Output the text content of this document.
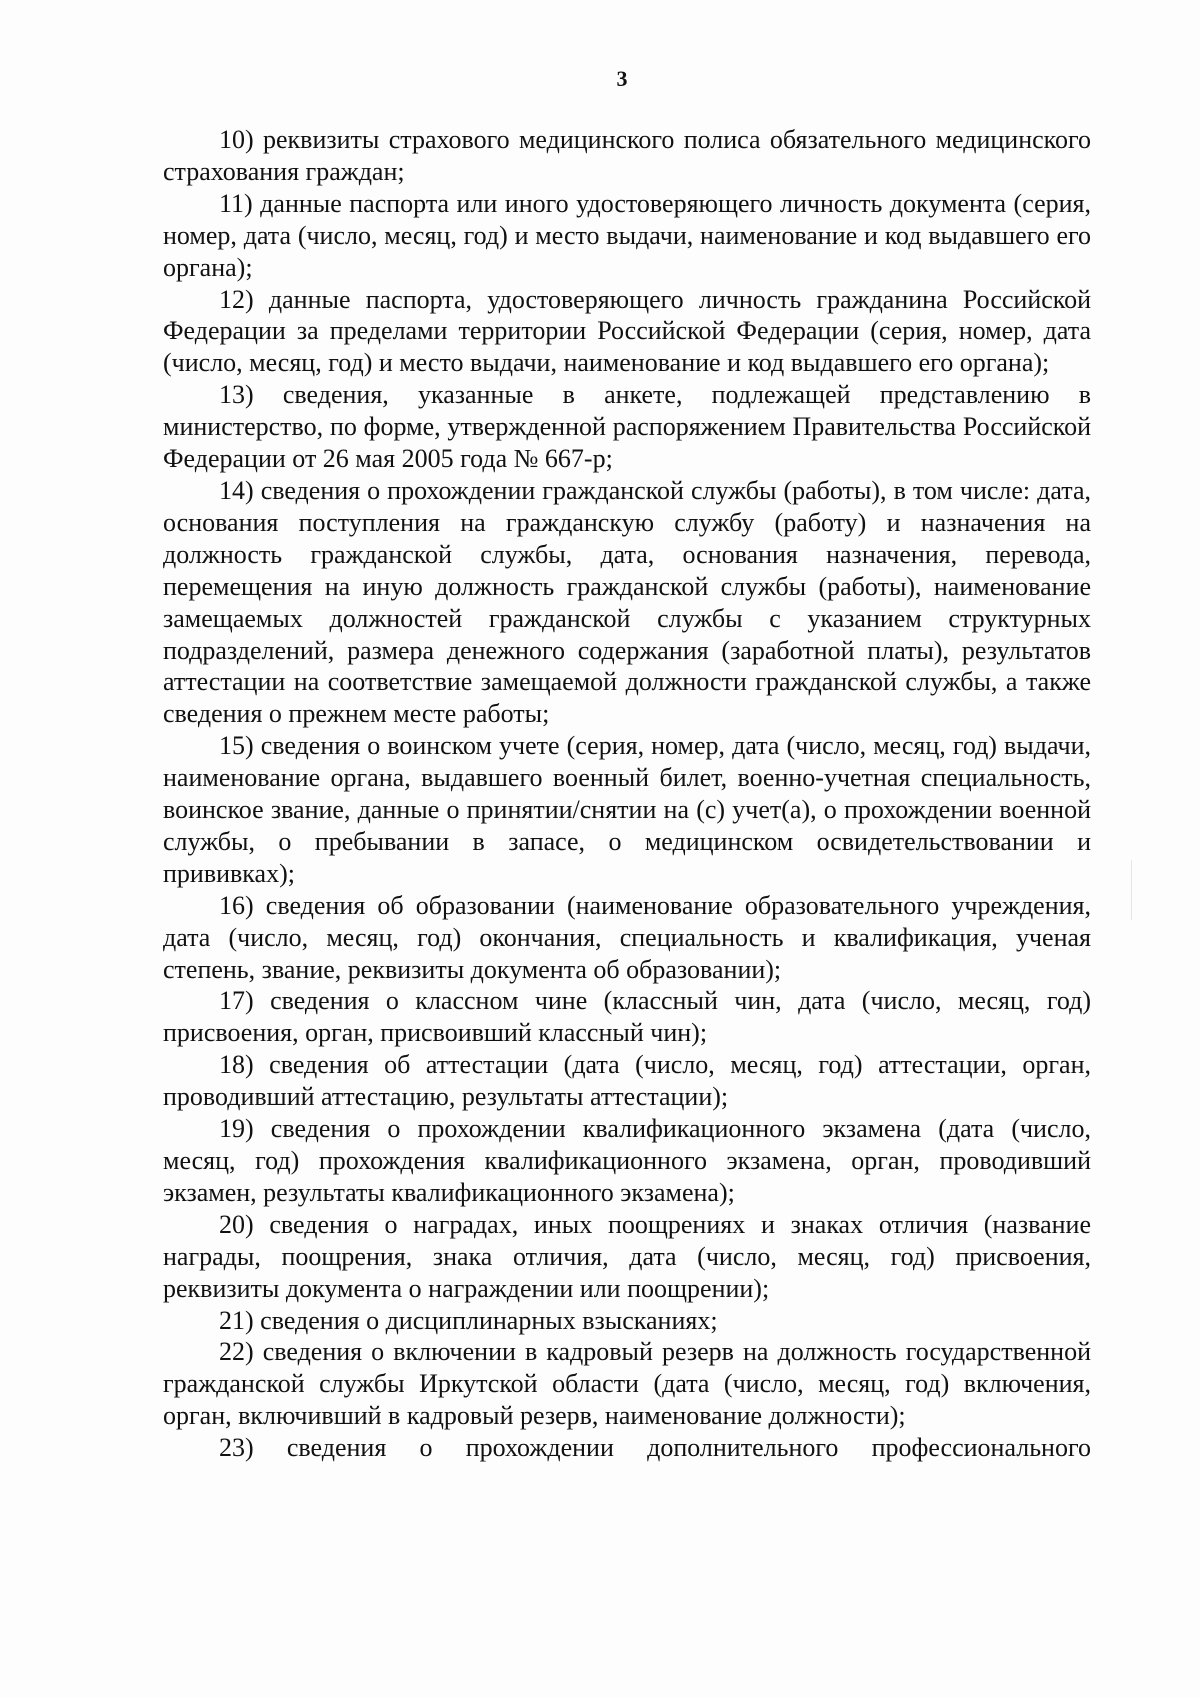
3

10) реквизиты страхового медицинского полиса обязательного медицинского страхования граждан;

11) данные паспорта или иного удостоверяющего личность документа (серия, номер, дата (число, месяц, год) и место выдачи, наименование и код выдавшего его органа);

12) данные паспорта, удостоверяющего личность гражданина Российской Федерации за пределами территории Российской Федерации (серия, номер, дата (число, месяц, год) и место выдачи, наименование и код выдавшего его органа);

13) сведения, указанные в анкете, подлежащей представлению в министерство, по форме, утвержденной распоряжением Правительства Российской Федерации от 26 мая 2005 года № 667-р;

14) сведения о прохождении гражданской службы (работы), в том числе: дата, основания поступления на гражданскую службу (работу) и назначения на должность гражданской службы, дата, основания назначения, перевода, перемещения на иную должность гражданской службы (работы), наименование замещаемых должностей гражданской службы с указанием структурных подразделений, размера денежного содержания (заработной платы), результатов аттестации на соответствие замещаемой должности гражданской службы, а также сведения о прежнем месте работы;

15) сведения о воинском учете (серия, номер, дата (число, месяц, год) выдачи, наименование органа, выдавшего военный билет, военно-учетная специальность, воинское звание, данные о принятии/снятии на (с) учет(а), о прохождении военной службы, о пребывании в запасе, о медицинском освидетельствовании и прививках);

16) сведения об образовании (наименование образовательного учреждения, дата (число, месяц, год) окончания, специальность и квалификация, ученая степень, звание, реквизиты документа об образовании);

17) сведения о классном чине (классный чин, дата (число, месяц, год) присвоения, орган, присвоивший классный чин);

18) сведения об аттестации (дата (число, месяц, год) аттестации, орган, проводивший аттестацию, результаты аттестации);

19) сведения о прохождении квалификационного экзамена (дата (число, месяц, год) прохождения квалификационного экзамена, орган, проводивший экзамен, результаты квалификационного экзамена);

20) сведения о наградах, иных поощрениях и знаках отличия (название награды, поощрения, знака отличия, дата (число, месяц, год) присвоения, реквизиты документа о награждении или поощрении);

21) сведения о дисциплинарных взысканиях;

22) сведения о включении в кадровый резерв на должность государственной гражданской службы Иркутской области (дата (число, месяц, год) включения, орган, включивший в кадровый резерв, наименование должности);

23) сведения о прохождении дополнительного профессионального
